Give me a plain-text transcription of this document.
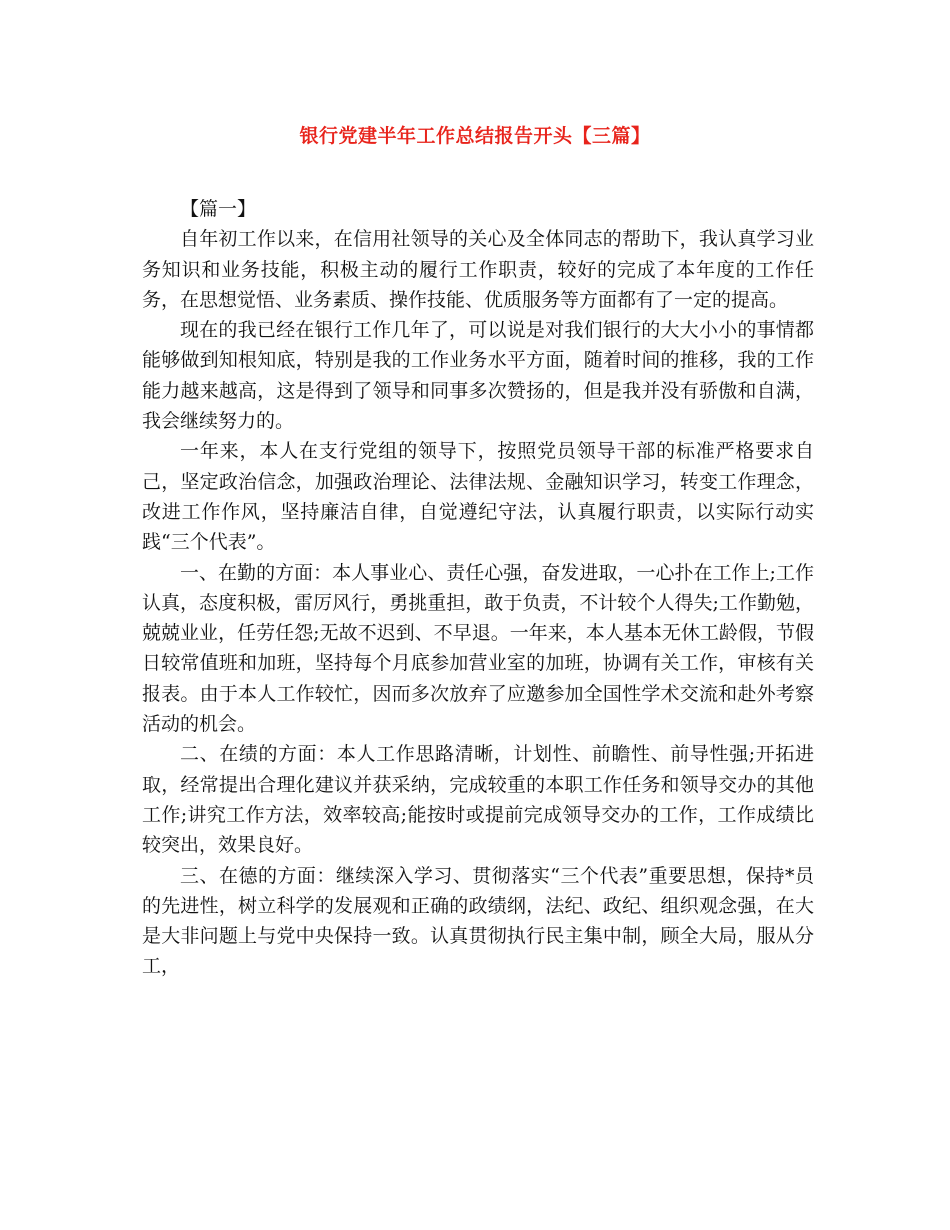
银行党建半年工作总结报告开头【三篇】

【篇一】

自年初工作以来，在信用社领导的关心及全体同志的帮助下，我认真学习业务知识和业务技能，积极主动的履行工作职责，较好的完成了本年度的工作任务，在思想觉悟、业务素质、操作技能、优质服务等方面都有了一定的提高。

现在的我已经在银行工作几年了，可以说是对我们银行的大大小小的事情都能够做到知根知底，特别是我的工作业务水平方面，随着时间的推移，我的工作能力越来越高，这是得到了领导和同事多次赞扬的，但是我并没有骄傲和自满，我会继续努力的。

一年来，本人在支行党组的领导下，按照党员领导干部的标准严格要求自己，坚定政治信念，加强政治理论、法律法规、金融知识学习，转变工作理念，改进工作作风，坚持廉洁自律，自觉遵纪守法，认真履行职责，以实际行动实践“三个代表”。

一、在勤的方面：本人事业心、责任心强，奋发进取，一心扑在工作上;工作认真，态度积极，雷厉风行，勇挑重担，敢于负责，不计较个人得失;工作勤勉，兢兢业业，任劳任怨;无故不迟到、不早退。一年来，本人基本无休工龄假，节假日较常值班和加班，坚持每个月底参加营业室的加班，协调有关工作，审核有关报表。由于本人工作较忙，因而多次放弃了应邀参加全国性学术交流和赴外考察活动的机会。

二、在绩的方面：本人工作思路清晰，计划性、前瞻性、前导性强;开拓进取，经常提出合理化建议并获采纳，完成较重的本职工作任务和领导交办的其他工作;讲究工作方法，效率较高;能按时或提前完成领导交办的工作，工作成绩比较突出，效果良好。

三、在德的方面：继续深入学习、贯彻落实“三个代表”重要思想，保持*员的先进性，树立科学的发展观和正确的政绩纲，法纪、政纪、组织观念强，在大是大非问题上与党中央保持一致。认真贯彻执行民主集中制，顾全大局，服从分工，
